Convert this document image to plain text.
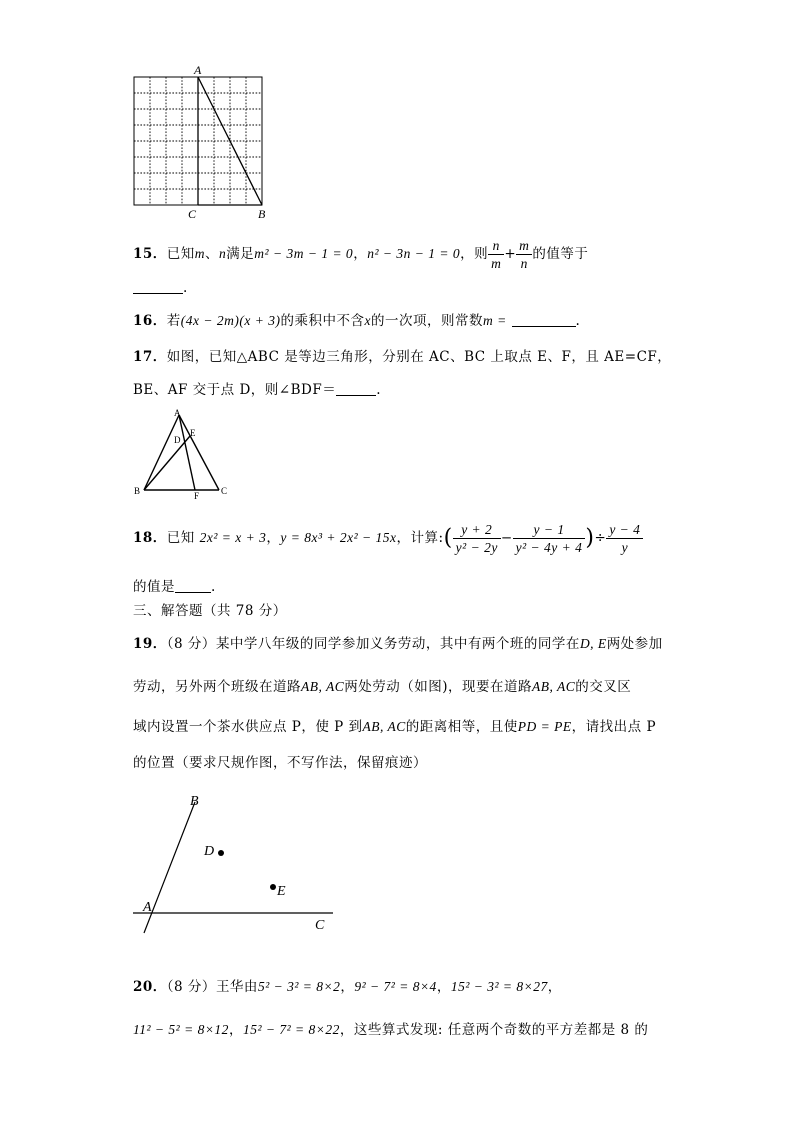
A
C	B
15．已知m、n满足m² − 3m − 1 = 0，n² − 3n − 1 = 0，则 $\frac{n}{m} + \frac{m}{n}$ 的值等于
.
16．若(4x − 2m)(x + 3)的乘积中不含x的一次项，则常数m =	.
17．如图，已知△ABC 是等边三角形，分别在 AC、BC 上取点 E、F，且 AE=CF，
BE、AF 交于点 D，则∠BDF＝	.
A
D
E
B	F C
18．已知 2x² = x + 3，y = 8x³ + 2x² − 15x，计算:( $\frac{y + 2}{\text{y² − 2y}} - \frac{y - 1}{\text{y² − 4y + 4}}$ )÷ $\frac{y - 4}{y}$
的值是	.
三、解答题（共 78 分）
19．（8 分）某中学八年级的同学参加义务劳动，其中有两个班的同学在D, E两处参加
劳动，另外两个班级在道路AB, AC两处劳动（如图)，现要在道路AB, AC的交叉区
域内设置一个茶水供应点 P，使 P 到AB, AC的距离相等，且使PD = PE，请找出点 P
的位置（要求尺规作图，不写作法，保留痕迹）
B
D
E
A
C
20．（8 分）王华由5² − 3² = 8×2，9² − 7² = 8×4，15² − 3² = 8×27，
11² − 5² = 8×12，15² − 7² = 8×22，这些算式发现: 任意两个奇数的平方差都是 8 的
